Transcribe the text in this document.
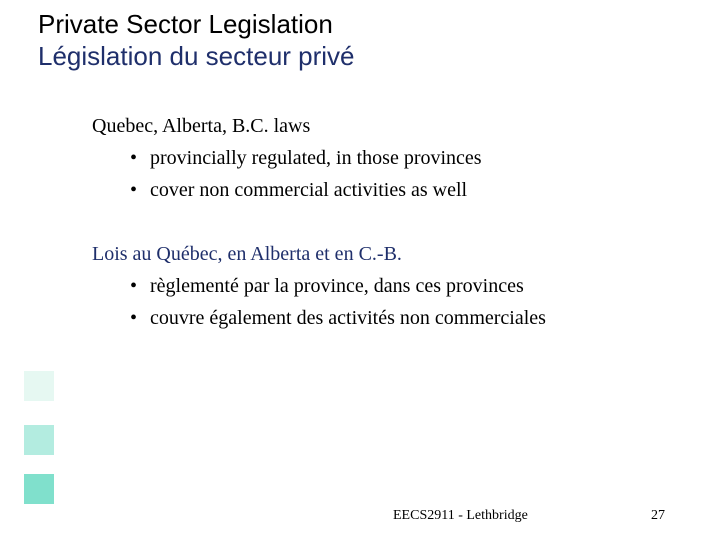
Private Sector Legislation
Législation du secteur privé
Quebec, Alberta, B.C. laws
• provincially regulated, in those provinces
• cover non commercial activities as well
Lois au Québec, en Alberta et en C.-B.
• règlementé par la province, dans ces provinces
• couvre également des activités non commerciales
EECS2911 - Lethbridge	27
